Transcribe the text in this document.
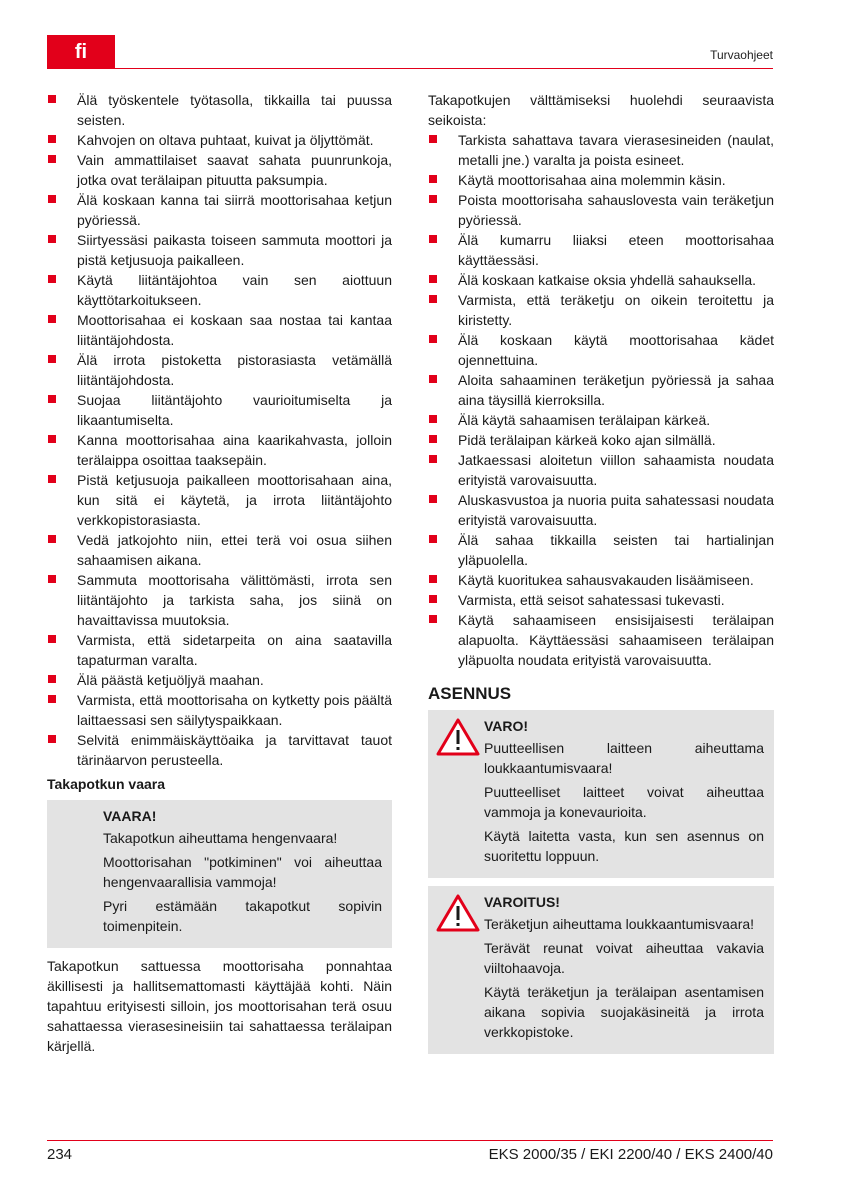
fi	Turvaohjeet
Älä työskentele työtasolla, tikkailla tai puussa seisten.
Kahvojen on oltava puhtaat, kuivat ja öljyttömät.
Vain ammattilaiset saavat sahata puunrunkoja, jotka ovat terälaipan pituutta paksumpia.
Älä koskaan kanna tai siirrä moottorisahaa ketjun pyöriessä.
Siirtyessäsi paikasta toiseen sammuta moottori ja pistä ketjusuoja paikalleen.
Käytä liitäntäjohtoa vain sen aiottuun käyttötarkoitukseen.
Moottorisahaa ei koskaan saa nostaa tai kantaa liitäntäjohdosta.
Älä irrota pistoketta pistorasiasta vetämällä liitäntäjohdosta.
Suojaa liitäntäjohto vaurioitumiselta ja likaantumiselta.
Kanna moottorisahaa aina kaarikahvasta, jolloin terälaippa osoittaa taaksepäin.
Pistä ketjusuoja paikalleen moottorisahaan aina, kun sitä ei käytetä, ja irrota liitäntäjohto verkkopistorasiasta.
Vedä jatkojohto niin, ettei terä voi osua siihen sahaamisen aikana.
Sammuta moottorisaha välittömästi, irrota sen liitäntäjohto ja tarkista saha, jos siinä on havaittavissa muutoksia.
Varmista, että sidetarpeita on aina saatavilla tapaturman varalta.
Älä päästä ketjuöljyä maahan.
Varmista, että moottorisaha on kytketty pois päältä laittaessasi sen säilytyspaikkaan.
Selvitä enimmäiskäyttöaika ja tarvittavat tauot tärinäarvon perusteella.
Takapotkun vaara
VAARA!

Takapotkun aiheuttama hengenvaara!

Moottorisahan "potkiminen" voi aiheuttaa hengenvaarallisia vammoja!

Pyri estämään takapotkut sopivin toimenpitein.

Takapotkun sattuessa moottorisaha ponnahtaa äkillisesti ja hallitsemattomasti käyttäjää kohti. Näin tapahtuu erityisesti silloin, jos moottorisahan terä osuu sahattaessa vierasesineisiin tai sahattaessa terälaipan kärjellä.

Takapotkujen välttämiseksi huolehdi seuraavista seikoista:

Tarkista sahattava tavara vierasesineiden (naulat, metalli jne.) varalta ja poista esineet.
Käytä moottorisahaa aina molemmin käsin.
Poista moottorisaha sahauslovesta vain teräketjun pyöriessä.
Älä kumarru liiaksi eteen moottorisahaa käyttäessäsi.
Älä koskaan katkaise oksia yhdellä sahauksella.
Varmista, että teräketju on oikein teroitettu ja kiristetty.
Älä koskaan käytä moottorisahaa kädet ojennettuina.
Aloita sahaaminen teräketjun pyöriessä ja sahaa aina täysillä kierroksilla.
Älä käytä sahaamisen terälaipan kärkeä.
Pidä terälaipan kärkeä koko ajan silmällä.
Jatkaessasi aloitetun viillon sahaamista noudata erityistä varovaisuutta.
Aluskasvustoa ja nuoria puita sahatessasi noudata erityistä varovaisuutta.
Älä sahaa tikkailla seisten tai hartialinjan yläpuolella.
Käytä kuoritukea sahausvakauden lisäämiseen.
Varmista, että seisot sahatessasi tukevasti.
Käytä sahaamiseen ensisijaisesti terälaipan alapuolta. Käyttäessäsi sahaamiseen terälaipan yläpuolta noudata erityistä varovaisuutta.
ASENNUS
VARO!

Puutteellisen laitteen aiheuttama loukkaantumisvaara!

Puutteelliset laitteet voivat aiheuttaa vammoja ja konevaurioita.

Käytä laitetta vasta, kun sen asennus on suoritettu loppuun.

VAROITUS!

Teräketjun aiheuttama loukkaantumisvaara!

Terävät reunat voivat aiheuttaa vakavia viiltohaavoja.

Käytä teräketjun ja terälaipan asentamisen aikana sopivia suojakäsineitä ja irrota verkkopistoke.

234	EKS 2000/35 / EKI 2200/40 / EKS 2400/40
